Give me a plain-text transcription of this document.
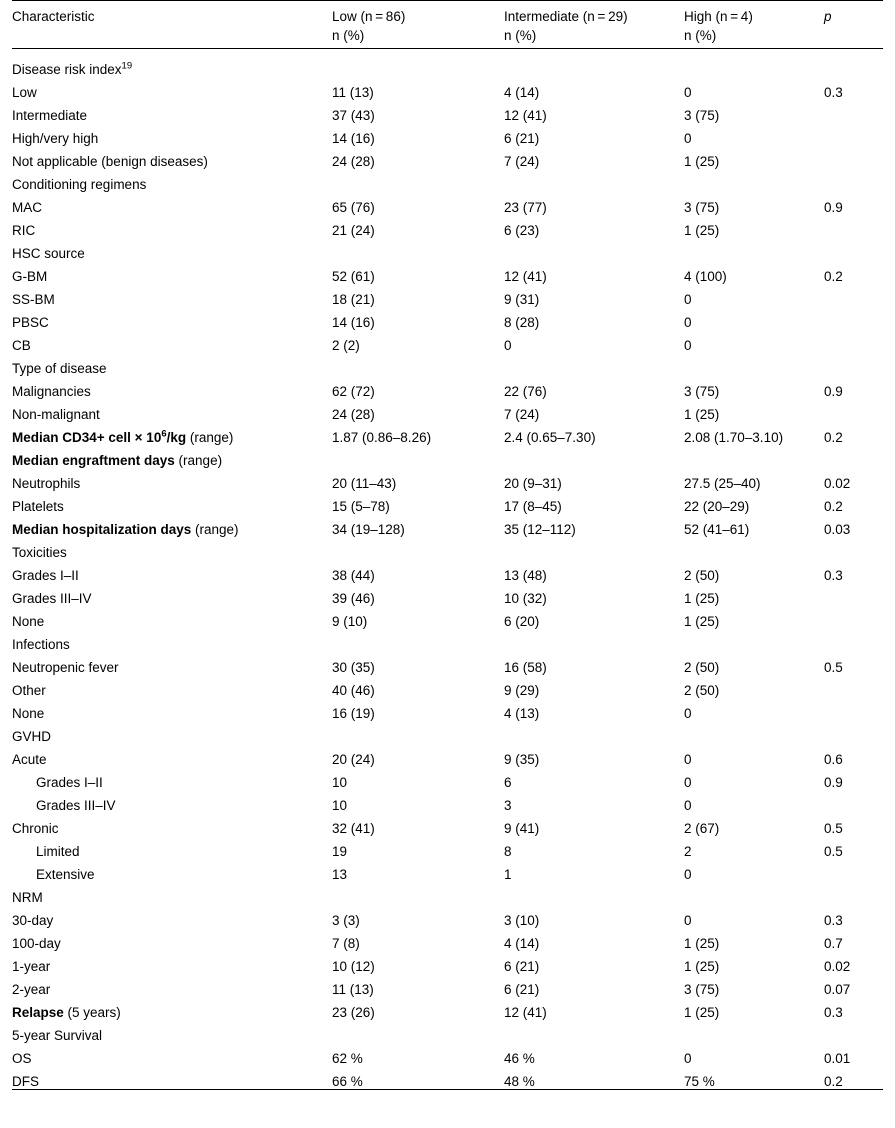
Characteristic	Low (n = 86)	Intermediate (n = 29)	High (n = 4)	p
	n (%)	n (%)	n (%)	
Disease risk index$^{19}$				
Low	11 (13)	4 (14)	0	0.3
Intermediate	37 (43)	12 (41)	3 (75)	
High/very high	14 (16)	6 (21)	0	
Not applicable (benign diseases)	24 (28)	7 (24)	1 (25)	
Conditioning regimens				
MAC	65 (76)	23 (77)	3 (75)	0.9
RIC	21 (24)	6 (23)	1 (25)	
HSC source				
G-BM	52 (61)	12 (41)	4 (100)	0.2
SS-BM	18 (21)	9 (31)	0	
PBSC	14 (16)	8 (28)	0	
CB	2 (2)	0	0	
Type of disease				
Malignancies	62 (72)	22 (76)	3 (75)	0.9
Non-malignant	24 (28)	7 (24)	1 (25)	
Median CD34+ cell × $10^6/kg$ (range)	1.87 (0.86–8.26)	2.4 (0.65–7.30)	2.08 (1.70–3.10)	0.2
Median engraftment days (range)				
Neutrophils	20 (11–43)	20 (9–31)	27.5 (25–40)	0.02
Platelets	15 (5–78)	17 (8–45)	22 (20–29)	0.2
Median hospitalization days (range)	34 (19–128)	35 (12–112)	52 (41–61)	0.03
Toxicities				
Grades I–II	38 (44)	13 (48)	2 (50)	0.3
Grades III–IV	39 (46)	10 (32)	1 (25)	
None	9 (10)	6 (20)	1 (25)	
Infections				
Neutropenic fever	30 (35)	16 (58)	2 (50)	0.5
Other	40 (46)	9 (29)	2 (50)	
None	16 (19)	4 (13)	0	
GVHD				
Acute	20 (24)	9 (35)	0	0.6
Grades I–II	10	6	0	0.9
Grades III–IV	10	3	0	
Chronic	32 (41)	9 (41)	2 (67)	0.5
Limited	19	8	2	0.5
Extensive	13	1	0	
NRM				
30-day	3 (3)	3 (10)	0	0.3
100-day	7 (8)	4 (14)	1 (25)	0.7
1-year	10 (12)	6 (21)	1 (25)	0.02
2-year	11 (13)	6 (21)	3 (75)	0.07
Relapse (5 years)	23 (26)	12 (41)	1 (25)	0.3
5-year Survival				
OS	62 %	46 %	0	0.01
DFS	66 %	48 %	75 %	0.2
